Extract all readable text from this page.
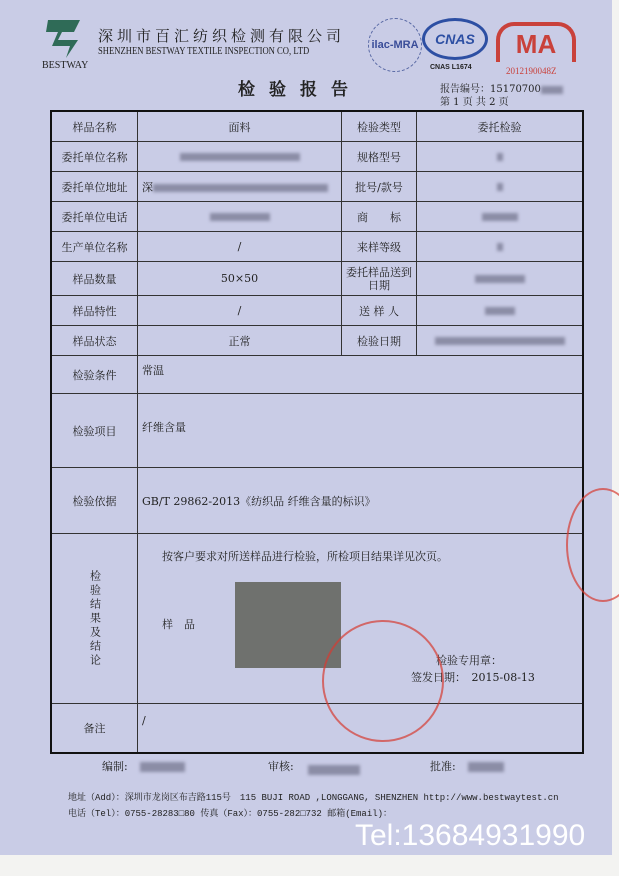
BESTWAY
深圳市百汇纺织检测有限公司
SHENZHEN BESTWAY TEXTILE INSPECTION CO, LTD
ilac-MRA	CNAS
CNAS L1674
MA
2012190048Z
检验报告	报告编号：15170700
第 1 页 共 2 页
样品名称	面料	检验类型	委托检验
委托单位名称		规格型号	
委托单位地址	深	批号/款号	
委托单位电话		商　　标	
生产单位名称	/	来样等级	
样品数量	50×50	委托样品送到日期	
样品特性	/	送 样 人	
样品状态	正常	检验日期	
检验条件	常温		
检验项目	纤维含量		
检验依据	GB/T 29862-2013《纺织品 纤维含量的标识》		
检验结果及结论	按客户要求对所送样品进行检验，所检项目结果详见次页。
样　品
检验专用章：
签发日期：　2015-08-13		

备注	/		
编制:	审核:	批准:
地址（Add）：深圳市龙岗区布吉路115号　115 BUJI ROAD ,LONGGANG, SHENZHEN http://www.bestwaytest.cn
电话（Tel）：0755-28283□80 传真（Fax）：0755-282□732 邮箱(Email)：
Tel:13684931990
